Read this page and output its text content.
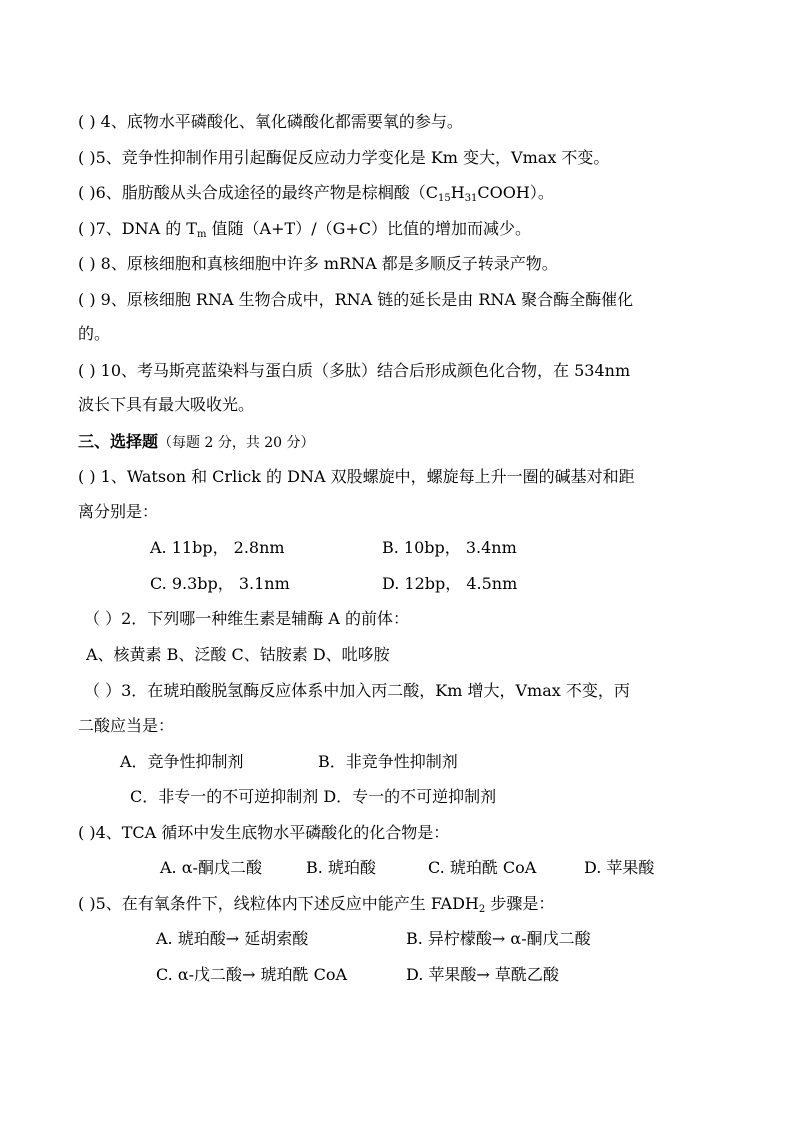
( ) 4、底物水平磷酸化、氧化磷酸化都需要氧的参与。
( )5、竞争性抑制作用引起酶促反应动力学变化是 Km 变大，Vmax 不变。
( )6、脂肪酸从头合成途径的最终产物是棕榈酸$(C_{15}H_{31}COOH)$。
( )7、DNA 的 $T_m$ 值随（A+T）/（G+C）比值的增加而减少。
( ) 8、原核细胞和真核细胞中许多 mRNA 都是多顺反子转录产物。
( ) 9、原核细胞 RNA 生物合成中，RNA 链的延长是由 RNA 聚合酶全酶催化
的。
( ) 10、考马斯亮蓝染料与蛋白质（多肽）结合后形成颜色化合物，在 534nm
波长下具有最大吸收光。
三、选择题（每题 2 分，共 20 分）
( ) 1、Watson 和 Crlick 的 DNA 双股螺旋中，螺旋每上升一圈的碱基对和距
离分别是：
A. 11bp， 2.8nm	B. 10bp， 3.4nm
C. 9.3bp， 3.1nm	D. 12bp， 4.5nm
（ ）2．下列哪一种维生素是辅酶 A 的前体：
A、核黄素 B、泛酸 C、钴胺素 D、吡哆胺
（ ）3．在琥珀酸脱氢酶反应体系中加入丙二酸，Km 增大，Vmax 不变，丙
二酸应当是：
A．竞争性抑制剂	B．非竞争性抑制剂
C．非专一的不可逆抑制剂 D．专一的不可逆抑制剂
( )4、TCA 循环中发生底物水平磷酸化的化合物是：
A. α-酮戊二酸	B. 琥珀酸	C. 琥珀酰 CoA	D. 苹果酸
( )5、在有氧条件下，线粒体内下述反应中能产生 $FADH_2$ 步骤是：
A. 琥珀酸→ 延胡索酸	B. 异柠檬酸→ α-酮戊二酸
C. α-戊二酸→ 琥珀酰 CoA	D. 苹果酸→ 草酰乙酸
